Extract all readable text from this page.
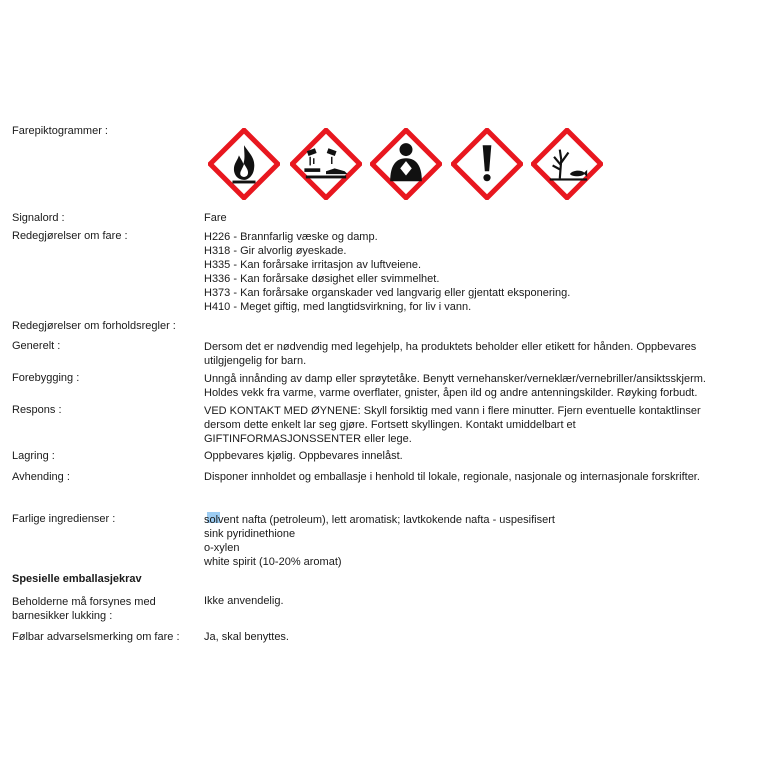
Farepiktogrammer :
Signalord :	Fare
Redegjørelser om fare :	H226 - Brannfarlig væske og damp.
H318 - Gir alvorlig øyeskade.
H335 - Kan forårsake irritasjon av luftveiene.
H336 - Kan forårsake døsighet eller svimmelhet.
H373 - Kan forårsake organskader ved langvarig eller gjentatt eksponering.
H410 - Meget giftig, med langtidsvirkning, for liv i vann.
Redegjørelser om forholdsregler :
Generelt :	Dersom det er nødvendig med legehjelp, ha produktets beholder eller etikett for hånden. Oppbevares
utilgjengelig for barn.
Forebygging :	Unngå innånding av damp eller sprøytetåke. Benytt vernehansker/verneklær/vernebriller/ansiktsskjerm.
Holdes vekk fra varme, varme overflater, gnister, åpen ild og andre antenningskilder. Røyking forbudt.
Respons :	VED KONTAKT MED ØYNENE: Skyll forsiktig med vann i flere minutter. Fjern eventuelle kontaktlinser
dersom dette enkelt lar seg gjøre. Fortsett skyllingen. Kontakt umiddelbart et
GIFTINFORMASJONSSENTER eller lege.
Lagring :	Oppbevares kjølig. Oppbevares innelåst.
Avhending :	Disponer innholdet og emballasje i henhold til lokale, regionale, nasjonale og internasjonale forskrifter.
Farlige ingredienser :	solvent nafta (petroleum), lett aromatisk; lavtkokende nafta - uspesifisert
sink pyridinethione
o-xylen
white spirit (10-20% aromat)
Spesielle emballasjekrav
Beholderne må forsynes med
barnesikker lukking :
Ikke anvendelig.
Følbar advarselsmerking om fare : Ja, skal benyttes.
